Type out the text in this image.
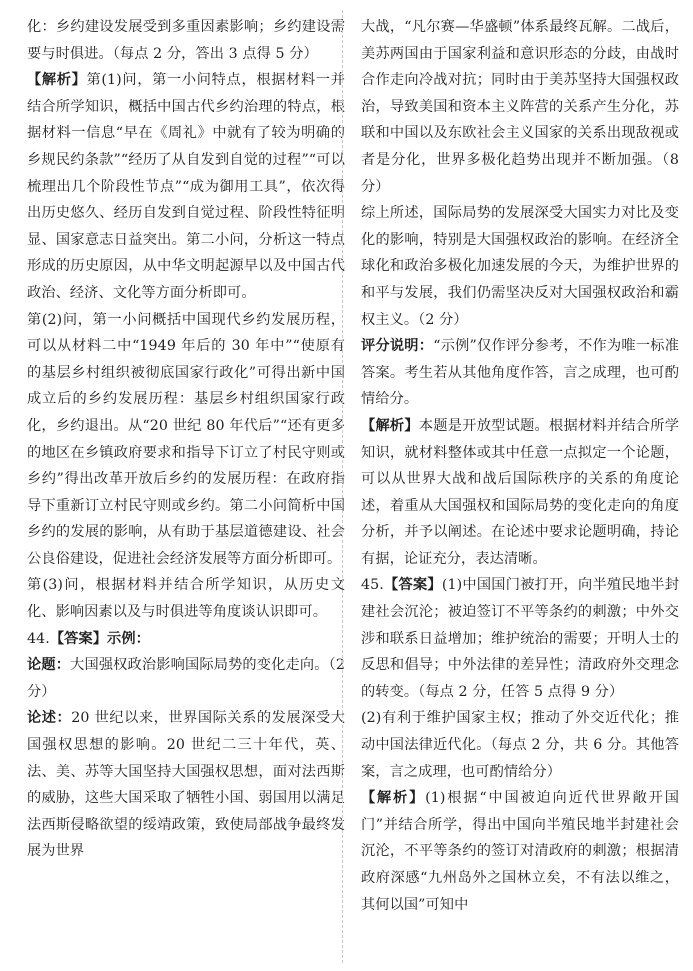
化：乡约建设发展受到多重因素影响；乡约建设需要与时俱进。（每点 2 分，答出 3 点得 5 分）

【解析】第(1)问，第一小问特点，根据材料一并结合所学知识，概括中国古代乡约治理的特点，根据材料一信息“早在《周礼》中就有了较为明确的乡规民约条款”“经历了从自发到自觉的过程”“可以梳理出几个阶段性节点”“成为御用工具”，依次得出历史悠久、经历自发到自觉过程、阶段性特征明显、国家意志日益突出。第二小问，分析这一特点形成的历史原因，从中华文明起源早以及中国古代政治、经济、文化等方面分析即可。

第(2)问，第一小问概括中国现代乡约发展历程，可以从材料二中“1949 年后的 30 年中”“使原有的基层乡村组织被彻底国家行政化”可得出新中国成立后的乡约发展历程：基层乡村组织国家行政化，乡约退出。从“20 世纪 80 年代后”“还有更多的地区在乡镇政府要求和指导下订立了村民守则或乡约”得出改革开放后乡约的发展历程：在政府指导下重新订立村民守则或乡约。第二小问简析中国乡约的发展的影响，从有助于基层道德建设、社会公良俗建设，促进社会经济发展等方面分析即可。

第(3)问，根据材料并结合所学知识，从历史文化、影响因素以及与时俱进等角度谈认识即可。

44.【答案】示例：

论题：大国强权政治影响国际局势的变化走向。（2 分）

论述：20 世纪以来，世界国际关系的发展深受大国强权思想的影响。20 世纪二三十年代，英、法、美、苏等大国坚持大国强权思想，面对法西斯的威胁，这些大国采取了牺牲小国、弱国用以满足法西斯侵略欲望的绥靖政策，致使局部战争最终发展为世界

大战，“凡尔赛—华盛顿”体系最终瓦解。二战后，美苏两国由于国家利益和意识形态的分歧，由战时合作走向冷战对抗；同时由于美苏坚持大国强权政治，导致美国和资本主义阵营的关系产生分化，苏联和中国以及东欧社会主义国家的关系出现敌视或者是分化，世界多极化趋势出现并不断加强。（8 分）

综上所述，国际局势的发展深受大国实力对比及变化的影响，特别是大国强权政治的影响。在经济全球化和政治多极化加速发展的今天，为维护世界的和平与发展，我们仍需坚决反对大国强权政治和霸权主义。（2 分）

评分说明：“示例”仅作评分参考，不作为唯一标准答案。考生若从其他角度作答，言之成理，也可酌情给分。

【解析】本题是开放型试题。根据材料并结合所学知识，就材料整体或其中任意一点拟定一个论题，可以从世界大战和战后国际秩序的关系的角度论述，着重从大国强权和国际局势的变化走向的角度分析，并予以阐述。在论述中要求论题明确，持论有据，论证充分，表达清晰。

45.【答案】(1)中国国门被打开，向半殖民地半封建社会沉沦；被迫签订不平等条约的刺激；中外交涉和联系日益增加；维护统治的需要；开明人士的反思和倡导；中外法律的差异性；清政府外交理念的转变。（每点 2 分，任答 5 点得 9 分）

(2)有利于维护国家主权；推动了外交近代化；推动中国法律近代化。（每点 2 分，共 6 分。其他答案，言之成理，也可酌情给分）

【解析】(1)根据“中国被迫向近代世界敞开国门”并结合所学，得出中国向半殖民地半封建社会沉沦，不平等条约的签订对清政府的刺激；根据清政府深感“九州岛外之国林立矣，不有法以维之，其何以国”可知中
